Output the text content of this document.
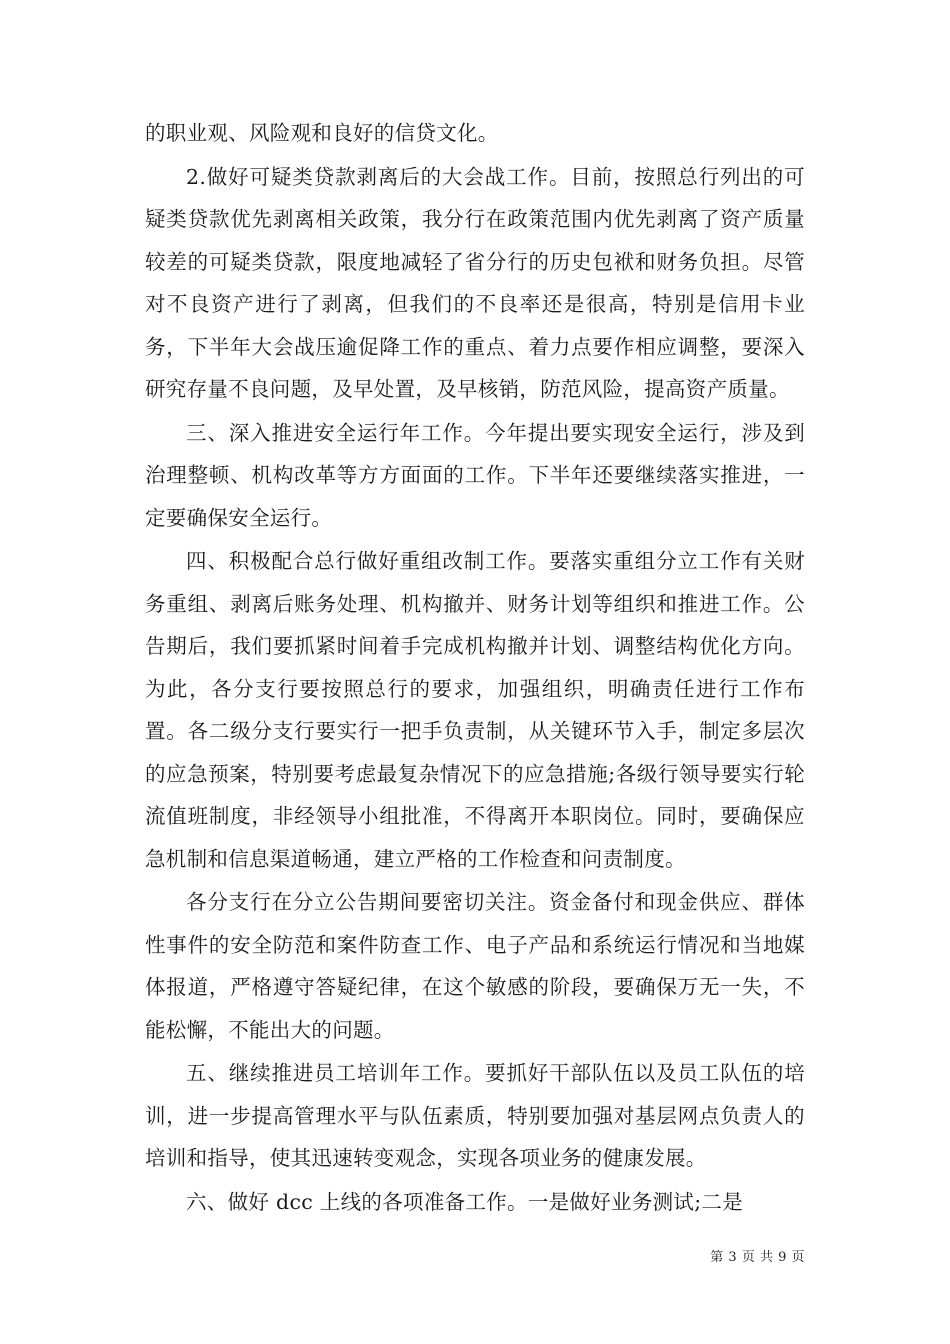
的职业观、风险观和良好的信贷文化。

2.做好可疑类贷款剥离后的大会战工作。目前，按照总行列出的可疑类贷款优先剥离相关政策，我分行在政策范围内优先剥离了资产质量较差的可疑类贷款，限度地减轻了省分行的历史包袱和财务负担。尽管对不良资产进行了剥离，但我们的不良率还是很高，特别是信用卡业务，下半年大会战压逾促降工作的重点、着力点要作相应调整，要深入研究存量不良问题，及早处置，及早核销，防范风险，提高资产质量。

三、深入推进安全运行年工作。今年提出要实现安全运行，涉及到治理整顿、机构改革等方方面面的工作。下半年还要继续落实推进，一定要确保安全运行。

四、积极配合总行做好重组改制工作。要落实重组分立工作有关财务重组、剥离后账务处理、机构撤并、财务计划等组织和推进工作。公告期后，我们要抓紧时间着手完成机构撤并计划、调整结构优化方向。为此，各分支行要按照总行的要求，加强组织，明确责任进行工作布置。各二级分支行要实行一把手负责制，从关键环节入手，制定多层次的应急预案，特别要考虑最复杂情况下的应急措施;各级行领导要实行轮流值班制度，非经领导小组批准，不得离开本职岗位。同时，要确保应急机制和信息渠道畅通，建立严格的工作检查和问责制度。

各分支行在分立公告期间要密切关注。资金备付和现金供应、群体性事件的安全防范和案件防查工作、电子产品和系统运行情况和当地媒体报道，严格遵守答疑纪律，在这个敏感的阶段，要确保万无一失，不能松懈，不能出大的问题。

五、继续推进员工培训年工作。要抓好干部队伍以及员工队伍的培训，进一步提高管理水平与队伍素质，特别要加强对基层网点负责人的培训和指导，使其迅速转变观念，实现各项业务的健康发展。

六、做好 dcc 上线的各项准备工作。一是做好业务测试;二是

第 3 页 共 9 页
